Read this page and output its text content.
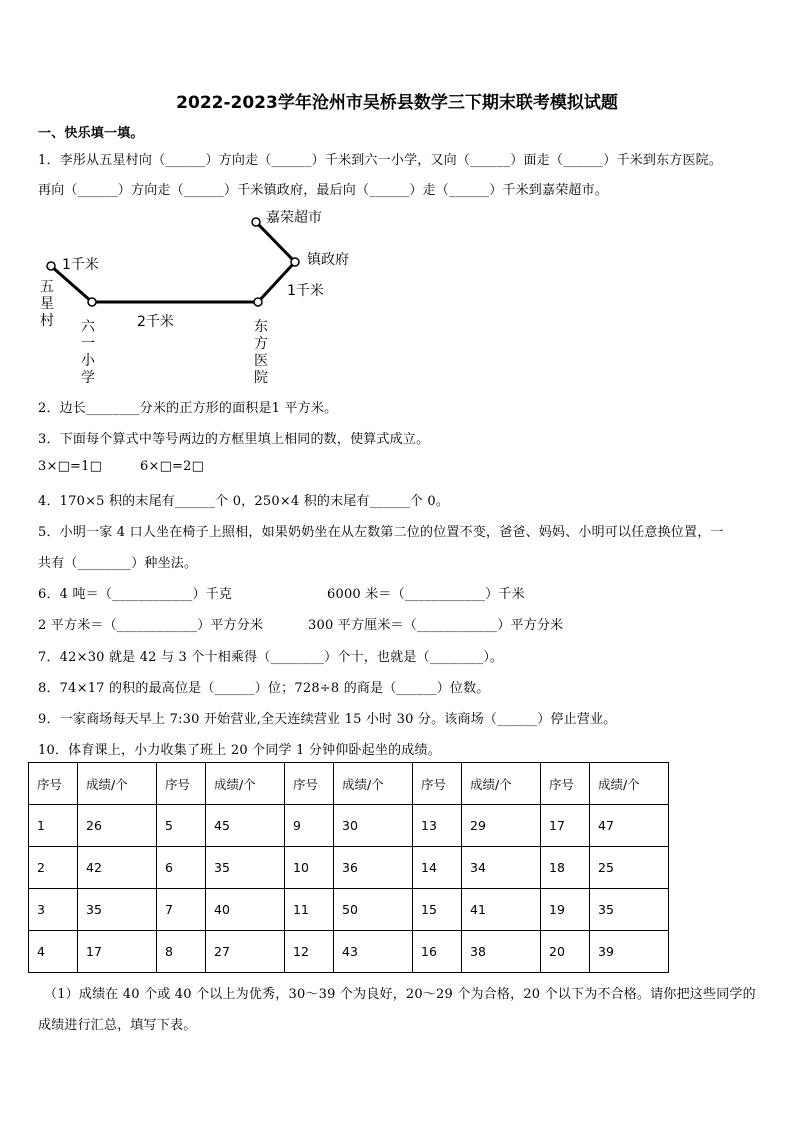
2022-2023学年沧州市吴桥县数学三下期末联考模拟试题
一、快乐填一填。
1．李彤从五星村向（______）方向走（______）千米到六一小学，又向（______）面走（______）千米到东方医院。
再向（______）方向走（______）千米镇政府，最后向（______）走（______）千米到嘉荣超市。
五
星
村 六
一
小
学
东
方
医
院
镇政府
嘉荣超市
1千米
2千米
1千米
2．边长________分米的正方形的面积是1 平方米。
3．下面每个算式中等号两边的方框里填上相同的数，使算式成立。
3×□=1□	6×□=2□
4．170×5 积的末尾有______个 0，250×4 积的末尾有______个 0。
5．小明一家 4 口人坐在椅子上照相，如果奶奶坐在从左数第二位的位置不变，爸爸、妈妈、小明可以任意换位置，一
共有（________）种坐法。
6．4 吨＝（____________）千克	6000 米＝（____________）千米
2 平方米＝（____________）平方分米	300 平方厘米＝（____________）平方分米
7．42×30 就是 42 与 3 个十相乘得（________）个十，也就是（________）。
8．74×17 的积的最高位是（______）位；728÷8 的商是（______）位数。
9．一家商场每天早上 7:30 开始营业,全天连续营业 15 小时 30 分。该商场（______）停止营业。
10．体育课上，小力收集了班上 20 个同学 1 分钟仰卧起坐的成绩。
序号	成绩/个	序号	成绩/个	序号	成绩/个	序号	成绩/个	序号	成绩/个
1	26	5	45	9	30	13	29	17	47
2	42	6	35	10	36	14	34	18	25
3	35	7	40	11	50	15	41	19	35
4	17	8	27	12	43	16	38	20	39
（1）成绩在 40 个或 40 个以上为优秀，30～39 个为良好，20～29 个为合格，20 个以下为不合格。请你把这些同学的
成绩进行汇总，填写下表。
